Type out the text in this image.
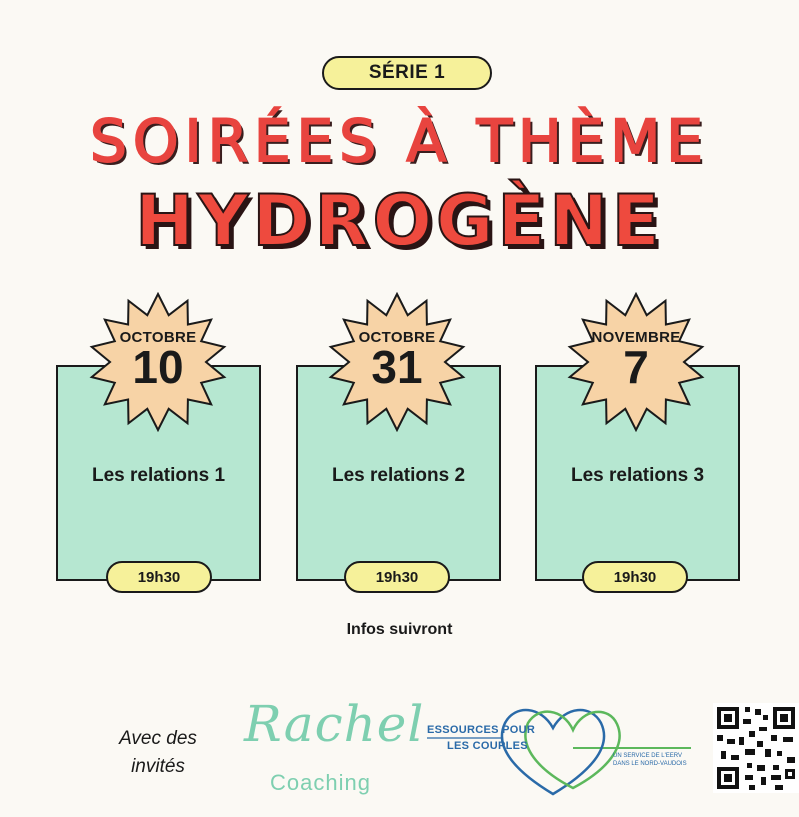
SÉRIE 1
SOIRÉES À THÈME
HYDROGÈNE
Les relations 1
OCTOBRE
10
19h30
Les relations 2
OCTOBRE
31
19h30
Les relations 3
NOVEMBRE
7
19h30
Infos suivront
Avec des
invités
Rachel
Coaching
ESSOURCES POUR
LES COUPLES
UN SERVICE DE L'EERV
DANS LE NORD-VAUDOIS
